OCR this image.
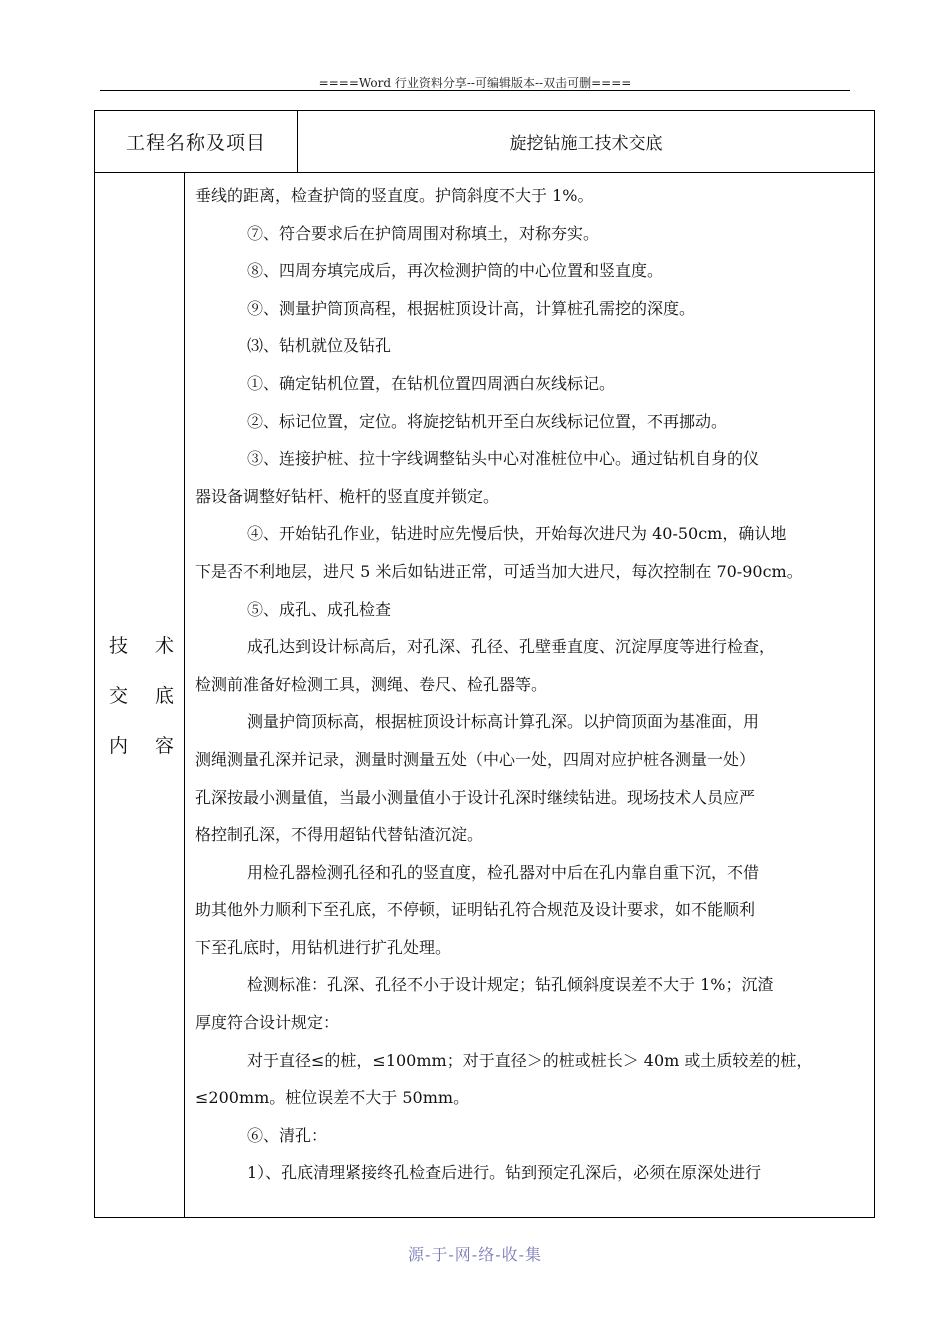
====Word 行业资料分享--可编辑版本--双击可删====
工程名称及项目	旋挖钻施工技术交底
技 术
交 底
内 容

垂线的距离，检查护筒的竖直度。护筒斜度不大于 1%。

⑦、符合要求后在护筒周围对称填土，对称夯实。

⑧、四周夯填完成后，再次检测护筒的中心位置和竖直度。

⑨、测量护筒顶高程，根据桩顶设计高，计算桩孔需挖的深度。

⑶、钻机就位及钻孔

①、确定钻机位置，在钻机位置四周洒白灰线标记。

②、标记位置，定位。将旋挖钻机开至白灰线标记位置，不再挪动。

③、连接护桩、拉十字线调整钻头中心对准桩位中心。通过钻机自身的仪

器设备调整好钻杆、桅杆的竖直度并锁定。

④、开始钻孔作业，钻进时应先慢后快，开始每次进尺为 40-50cm，确认地

下是否不利地层，进尺 5 米后如钻进正常，可适当加大进尺，每次控制在 70-90cm。

⑤、成孔、成孔检查

成孔达到设计标高后，对孔深、孔径、孔壁垂直度、沉淀厚度等进行检查，

检测前准备好检测工具，测绳、卷尺、检孔器等。

测量护筒顶标高，根据桩顶设计标高计算孔深。以护筒顶面为基准面，用

测绳测量孔深并记录，测量时测量五处（中心一处，四周对应护桩各测量一处）

孔深按最小测量值，当最小测量值小于设计孔深时继续钻进。现场技术人员应严

格控制孔深，不得用超钻代替钻渣沉淀。

用检孔器检测孔径和孔的竖直度，检孔器对中后在孔内靠自重下沉，不借

助其他外力顺利下至孔底，不停顿，证明钻孔符合规范及设计要求，如不能顺利

下至孔底时，用钻机进行扩孔处理。

检测标准：孔深、孔径不小于设计规定；钻孔倾斜度误差不大于 1%；沉渣

厚度符合设计规定：

对于直径≤的桩，≤100mm；对于直径＞的桩或桩长＞ 40m 或土质较差的桩，

≤200mm。桩位误差不大于 50mm。

⑥、清孔：

1）、孔底清理紧接终孔检查后进行。钻到预定孔深后，必须在原深处进行

源-于-网-络-收-集
